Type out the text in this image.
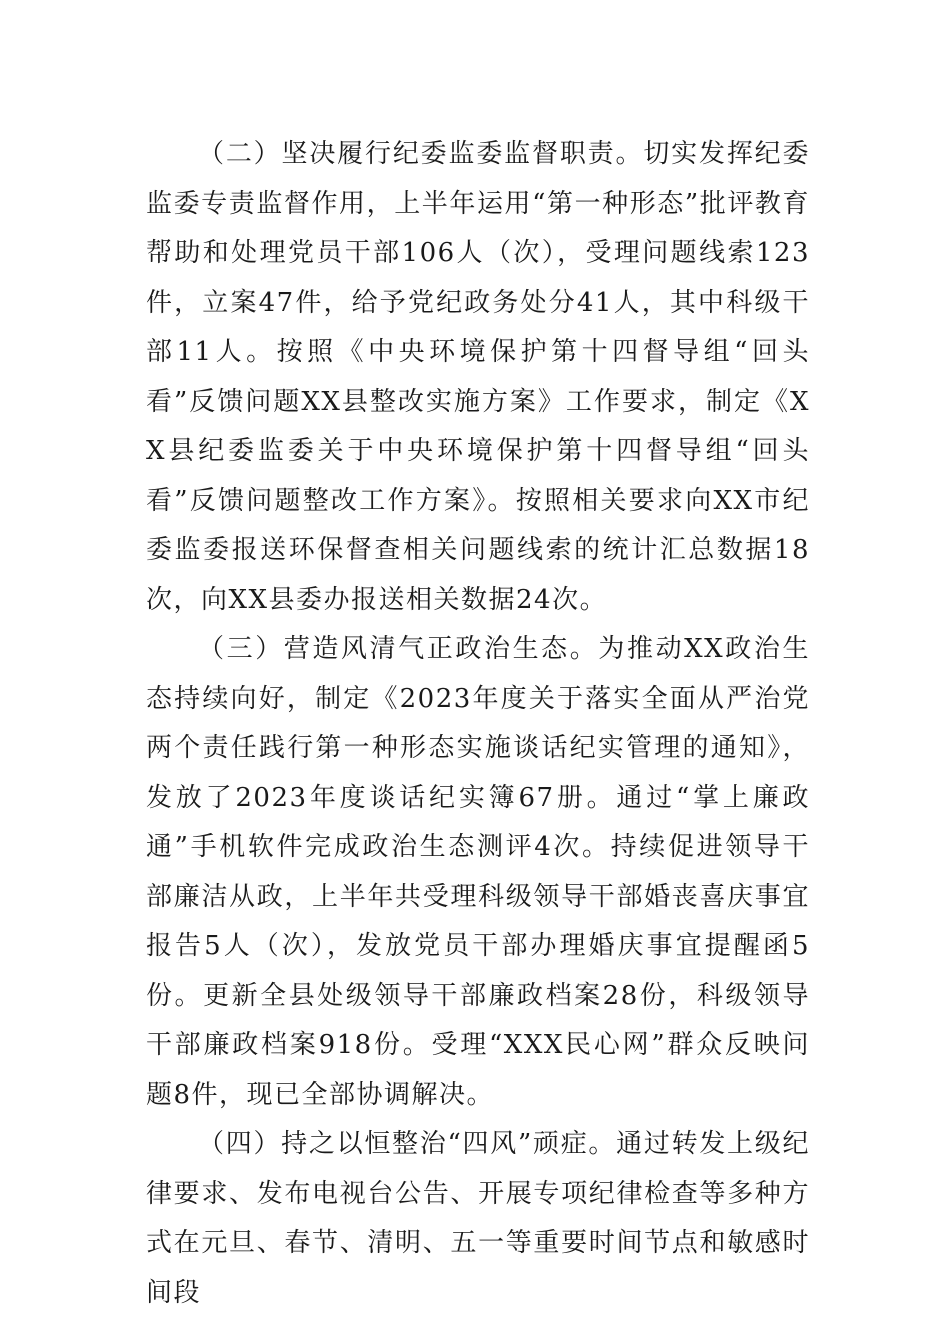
（二）坚决履行纪委监委监督职责。切实发挥纪委监委专责监督作用，上半年运用“第一种形态”批评教育帮助和处理党员干部106人（次），受理问题线索123件，立案47件，给予党纪政务处分41人，其中科级干部11人。按照《中央环境保护第十四督导组“回头看”反馈问题XX县整改实施方案》工作要求，制定《XX县纪委监委关于中央环境保护第十四督导组“回头看”反馈问题整改工作方案》。按照相关要求向XX市纪委监委报送环保督查相关问题线索的统计汇总数据18次，向XX县委办报送相关数据24次。

（三）营造风清气正政治生态。为推动XX政治生态持续向好，制定《2023年度关于落实全面从严治党两个责任践行第一种形态实施谈话纪实管理的通知》，发放了2023年度谈话纪实簿67册。通过“掌上廉政通”手机软件完成政治生态测评4次。持续促进领导干部廉洁从政，上半年共受理科级领导干部婚丧喜庆事宜报告5人（次），发放党员干部办理婚庆事宜提醒函5份。更新全县处级领导干部廉政档案28份，科级领导干部廉政档案918份。受理“XXX民心网”群众反映问题8件，现已全部协调解决。

（四）持之以恒整治“四风”顽症。通过转发上级纪律要求、发布电视台公告、开展专项纪律检查等多种方式在元旦、春节、清明、五一等重要时间节点和敏感时间段
